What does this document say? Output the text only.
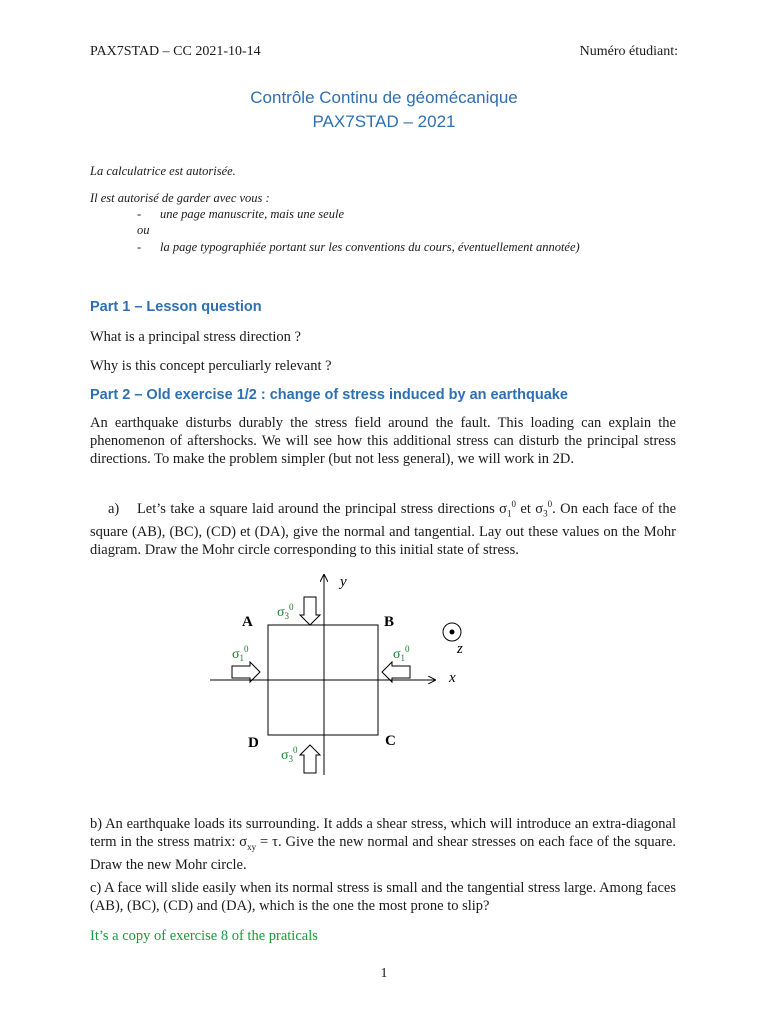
PAX7STAD – CC 2021-10-14	Numéro étudiant:
Contrôle Continu de géomécanique
PAX7STAD – 2021
La calculatrice est autorisée.
Il est autorisé de garder avec vous :
- une page manuscrite, mais une seule
ou
- la page typographiée portant sur les conventions du cours, éventuellement annotée)
Part 1 – Lesson question
What is a principal stress direction ?
Why is this concept perculiarly relevant ?
Part 2 – Old exercise 1/2 : change of stress induced by an earthquake
An earthquake disturbs durably the stress field around the fault. This loading can explain the phenomenon of aftershocks. We will see how this additional stress can disturb the principal stress directions. To make the problem simpler (but not less general), we will work in 2D.
a) Let’s take a square laid around the principal stress directions $\sigma_1^0$ et $\sigma_3^0$. On each face of the square (AB), (BC), (CD) et (DA), give the normal and tangential. Lay out these values on the Mohr diagram. Draw the Mohr circle corresponding to this initial state of stress.
y
x
z
A	B
C
D
$\sigma_3^0$
$\sigma_1^0$	$\sigma_1^0$
$\sigma_3^0$
b) An earthquake loads its surrounding. It adds a shear stress, which will introduce an extra-diagonal term in the stress matrix: $\sigma_{xy} = \tau$. Give the new normal and shear stresses on each face of the square. Draw the new Mohr circle.
c) A face will slide easily when its normal stress is small and the tangential stress large. Among faces (AB), (BC), (CD) and (DA), which is the one the most prone to slip?
It’s a copy of exercise 8 of the praticals
1
